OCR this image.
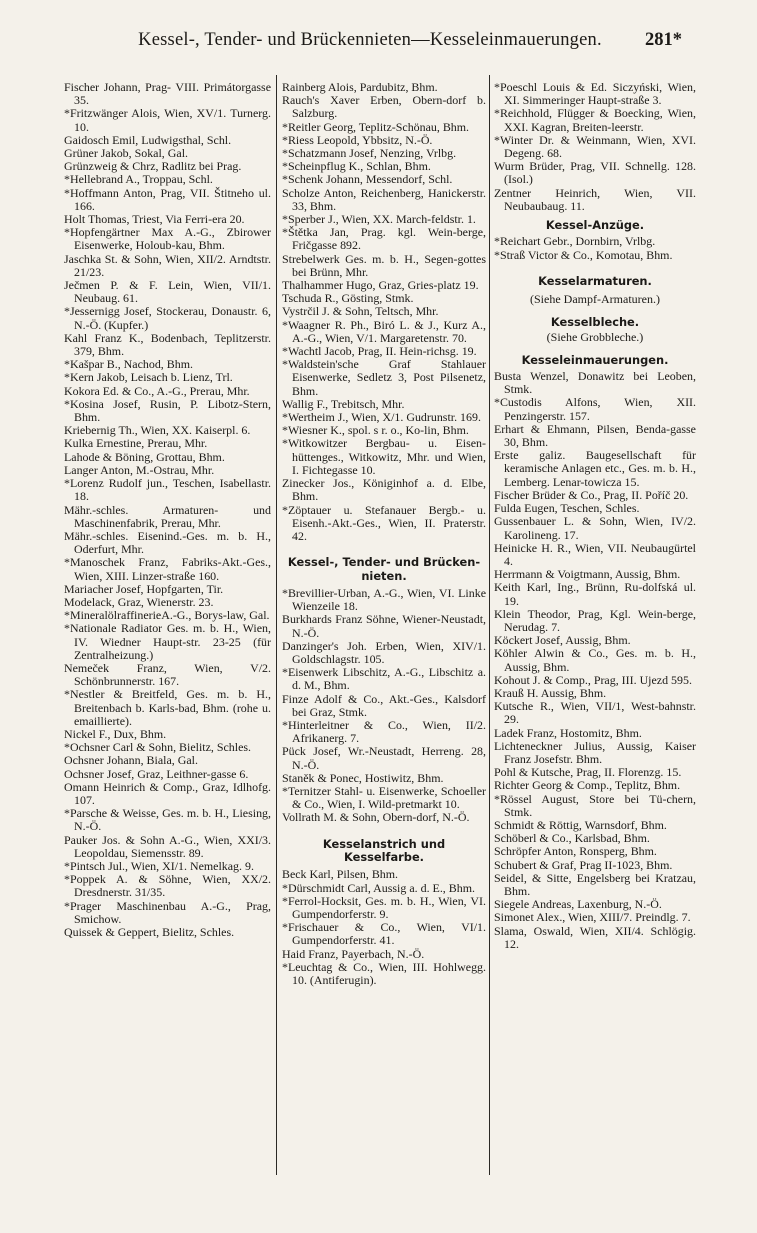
Kessel-, Tender- und Brückennieten—Kesseleinmauerungen.	281*

Fischer Johann, Prag- VIII. Primátorgasse 35.

*Fritzwänger Alois, Wien, XV/1. Turnerg. 10.

Gaidosch Emil, Ludwigsthal, Schl.

Grüner Jakob, Sokal, Gal.

Grünzweig & Chrz, Radlitz bei Prag.

*Hellebrand A., Troppau, Schl.

*Hoffmann Anton, Prag, VII. Štitneho ul. 166.

Holt Thomas, Triest, Via Ferri-era 20.

*Hopfengärtner Max A.-G., Zbirower Eisenwerke, Holoub-kau, Bhm.

Jaschka St. & Sohn, Wien, XII/2. Arndtstr. 21/23.

Ječmen P. & F. Lein, Wien, VII/1. Neubaug. 61.

*Jessernigg Josef, Stockerau, Donaustr. 6, N.-Ö. (Kupfer.)

Kahl Franz K., Bodenbach, Teplitzerstr. 379, Bhm.

*Kašpar B., Nachod, Bhm.

*Kern Jakob, Leisach b. Lienz, Trl.

Kokora Ed. & Co., A.-G., Prerau, Mhr.

*Kosina Josef, Rusin, P. Libotz-Stern, Bhm.

Kriebernig Th., Wien, XX. Kaiserpl. 6.

Kulka Ernestine, Prerau, Mhr.

Lahode & Böning, Grottau, Bhm.

Langer Anton, M.-Ostrau, Mhr.

*Lorenz Rudolf jun., Teschen, Isabellastr. 18.

Mähr.-schles. Armaturen- und Maschinenfabrik, Prerau, Mhr.

Mähr.-schles. Eisenind.-Ges. m. b. H., Oderfurt, Mhr.

*Manoschek Franz, Fabriks-Akt.-Ges., Wien, XIII. Linzer-straße 160.

Mariacher Josef, Hopfgarten, Tir.

Modelack, Graz, Wienerstr. 23.

*MineralölraffinerieA.-G., Borys-law, Gal.

*Nationale Radiator Ges. m. b. H., Wien, IV. Wiedner Haupt-str. 23-25 (für Zentralheizung.)

Nemeček Franz, Wien, V/2. Schönbrunnerstr. 167.

*Nestler & Breitfeld, Ges. m. b. H., Breitenbach b. Karls-bad, Bhm. (rohe u. emaillierte).

Nickel F., Dux, Bhm.

*Ochsner Carl & Sohn, Bielitz, Schles.

Ochsner Johann, Biala, Gal.

Ochsner Josef, Graz, Leithner-gasse 6.

Omann Heinrich & Comp., Graz, Idlhofg. 107.

*Parsche & Weisse, Ges. m. b. H., Liesing, N.-Ö.

Pauker Jos. & Sohn A.-G., Wien, XXI/3. Leopoldau, Siemensstr. 89.

*Pintsch Jul., Wien, XI/1. Nemelkag. 9.

*Poppek A. & Söhne, Wien, XX/2. Dresdnerstr. 31/35.

*Prager Maschinenbau A.-G., Prag, Smichow.

Quissek & Geppert, Bielitz, Schles.

Rainberg Alois, Pardubitz, Bhm.

Rauch's Xaver Erben, Obern-dorf b. Salzburg.

*Reitler Georg, Teplitz-Schönau, Bhm.

*Riess Leopold, Ybbsitz, N.-Ö.

*Schatzmann Josef, Nenzing, Vrlbg.

*Scheinpflug K., Schlan, Bhm.

*Schenk Johann, Messendorf, Schl.

Scholze Anton, Reichenberg, Hanickerstr. 33, Bhm.

*Sperber J., Wien, XX. March-feldstr. 1.

*Štětka Jan, Prag. kgl. Wein-berge, Fričgasse 892.

Strebelwerk Ges. m. b. H., Segen-gottes bei Brünn, Mhr.

Thalhammer Hugo, Graz, Gries-platz 19.

Tschuda R., Gösting, Stmk.

Vystrčil J. & Sohn, Teltsch, Mhr.

*Waagner R. Ph., Biró L. & J., Kurz A., A.-G., Wien, V/1. Margaretenstr. 70.

*Wachtl Jacob, Prag, II. Hein-richsg. 19.

*Waldstein'sche Graf Stahlauer Eisenwerke, Sedletz 3, Post Pilsenetz, Bhm.

Wallig F., Trebitsch, Mhr.

*Wertheim J., Wien, X/1. Gudrunstr. 169.

*Wiesner K., spol. s r. o., Ko-lin, Bhm.

*Witkowitzer Bergbau- u. Eisen-hüttenges., Witkowitz, Mhr. und Wien, I. Fichtegasse 10.

Zinecker Jos., Königinhof a. d. Elbe, Bhm.

*Zöptauer u. Stefanauer Bergb.- u. Eisenh.-Akt.-Ges., Wien, II. Praterstr. 42.

Kessel-, Tender- und Brücken-nieten.

*Brevillier-Urban, A.-G., Wien, VI. Linke Wienzeile 18.

Burkhards Franz Söhne, Wiener-Neustadt, N.-Ö.

Danzinger's Joh. Erben, Wien, XIV/1. Goldschlagstr. 105.

*Eisenwerk Libschitz, A.-G., Libschitz a. d. M., Bhm.

Finze Adolf & Co., Akt.-Ges., Kalsdorf bei Graz, Stmk.

*Hinterleitner & Co., Wien, II/2. Afrikanerg. 7.

Pück Josef, Wr.-Neustadt, Herreng. 28, N.-Ö.

Staněk & Ponec, Hostiwitz, Bhm.

*Ternitzer Stahl- u. Eisenwerke, Schoeller & Co., Wien, I. Wild-pretmarkt 10.

Vollrath M. & Sohn, Obern-dorf, N.-Ö.

Kesselanstrich und Kesselfarbe.

Beck Karl, Pilsen, Bhm.

*Dürschmidt Carl, Aussig a. d. E., Bhm.

*Ferrol-Hocksit, Ges. m. b. H., Wien, VI. Gumpendorferstr. 9.

*Frischauer & Co., Wien, VI/1. Gumpendorferstr. 41.

Haid Franz, Payerbach, N.-Ö.

*Leuchtag & Co., Wien, III. Hohlwegg. 10. (Antiferugin).

*Poeschl Louis & Ed. Siczyński, Wien, XI. Simmeringer Haupt-straße 3.

*Reichhold, Flügger & Boecking, Wien, XXI. Kagran, Breiten-leerstr.

*Winter Dr. & Weinmann, Wien, XVI. Degeng. 68.

Wurm Brüder, Prag, VII. Schnellg. 128. (Isol.)

Zentner Heinrich, Wien, VII. Neubaubaug. 11.

Kessel-Anzüge.

*Reichart Gebr., Dornbirn, Vrlbg.

*Straß Victor & Co., Komotau, Bhm.

Kesselarmaturen.
(Siehe Dampf-Armaturen.)
Kesselbleche.
(Siehe Grobbleche.)
Kesseleinmauerungen.

Busta Wenzel, Donawitz bei Leoben, Stmk.

*Custodis Alfons, Wien, XII. Penzingerstr. 157.

Erhart & Ehmann, Pilsen, Benda-gasse 30, Bhm.

Erste galiz. Baugesellschaft für keramische Anlagen etc., Ges. m. b. H., Lemberg. Lenar-towicza 15.

Fischer Brüder & Co., Prag, II. Poříč 20.

Fulda Eugen, Teschen, Schles.

Gussenbauer L. & Sohn, Wien, IV/2. Karolineng. 17.

Heinicke H. R., Wien, VII. Neubaugürtel 4.

Herrmann & Voigtmann, Aussig, Bhm.

Keith Karl, Ing., Brünn, Ru-dolfská ul. 19.

Klein Theodor, Prag, Kgl. Wein-berge, Nerudag. 7.

Köckert Josef, Aussig, Bhm.

Köhler Alwin & Co., Ges. m. b. H., Aussig, Bhm.

Kohout J. & Comp., Prag, III. Ujezd 595.

Krauß H. Aussig, Bhm.

Kutsche R., Wien, VII/1, West-bahnstr. 29.

Ladek Franz, Hostomitz, Bhm.

Lichteneckner Julius, Aussig, Kaiser Franz Josefstr. Bhm.

Pohl & Kutsche, Prag, II. Florenzg. 15.

Richter Georg & Comp., Teplitz, Bhm.

*Rössel August, Store bei Tü-chern, Stmk.

Schmidt & Röttig, Warnsdorf, Bhm.

Schöberl & Co., Karlsbad, Bhm.

Schröpfer Anton, Ronsperg, Bhm.

Schubert & Graf, Prag II-1023, Bhm.

Seidel, & Sitte, Engelsberg bei Kratzau, Bhm.

Siegele Andreas, Laxenburg, N.-Ö.

Simonet Alex., Wien, XIII/7. Preindlg. 7.

Slama, Oswald, Wien, XII/4. Schlögig. 12.
